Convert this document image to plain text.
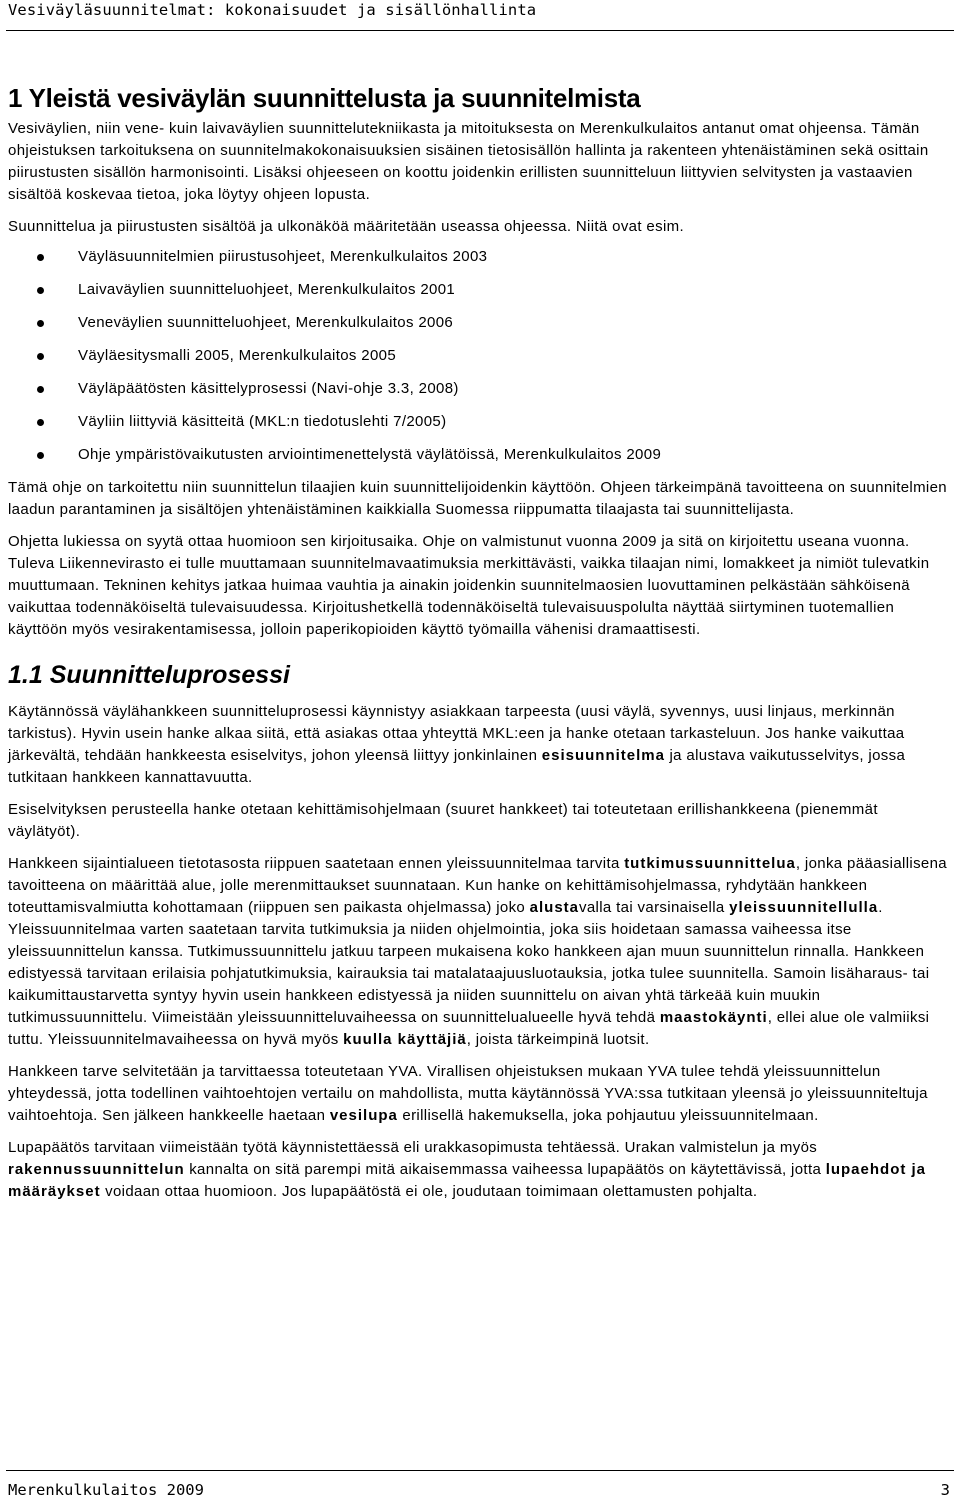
Vesiväyläsuunnitelmat: kokonaisuudet ja sisällönhallinta
1 Yleistä vesiväylän suunnittelusta ja suunnitelmista

Vesiväylien, niin vene- kuin laivaväylien suunnittelutekniikasta ja mitoituksesta on Merenkulkulaitos antanut omat ohjeensa. Tämän ohjeistuksen tarkoituksena on suunnitelmakokonaisuuksien sisäinen tietosisällön hallinta ja rakenteen yhtenäistäminen sekä osittain piirustusten sisällön harmonisointi. Lisäksi ohjeeseen on koottu joidenkin erillisten suunnitteluun liittyvien selvitysten ja vastaavien sisältöä koskevaa tietoa, joka löytyy ohjeen lopusta.

Suunnittelua ja piirustusten sisältöä ja ulkonäköä määritetään useassa ohjeessa. Niitä ovat esim.

Väyläsuunnitelmien piirustusohjeet, Merenkulkulaitos 2003
Laivaväylien suunnitteluohjeet, Merenkulkulaitos 2001
Veneväylien suunnitteluohjeet, Merenkulkulaitos 2006
Väyläesitysmalli 2005, Merenkulkulaitos 2005
Väyläpäätösten käsittelyprosessi (Navi-ohje 3.3, 2008)
Väyliin liittyviä käsitteitä (MKL:n tiedotuslehti 7/2005)
Ohje ympäristövaikutusten arviointimenettelystä väylätöissä, Merenkulkulaitos 2009

Tämä ohje on tarkoitettu niin suunnittelun tilaajien kuin suunnittelijoidenkin käyttöön. Ohjeen tärkeimpänä tavoitteena on suunnitelmien laadun parantaminen ja sisältöjen yhtenäistäminen kaikkialla Suomessa riippumatta tilaajasta tai suunnittelijasta.

Ohjetta lukiessa on syytä ottaa huomioon sen kirjoitusaika. Ohje on valmistunut vuonna 2009 ja sitä on kirjoitettu useana vuonna. Tuleva Liikennevirasto ei tulle muuttamaan suunnitelmavaatimuksia merkittävästi, vaikka tilaajan nimi, lomakkeet ja nimiöt tulevatkin muuttumaan. Tekninen kehitys jatkaa huimaa vauhtia ja ainakin joidenkin suunnitelmaosien luovuttaminen pelkästään sähköisenä vaikuttaa todennäköiseltä tulevaisuudessa. Kirjoitushetkellä todennäköiseltä tulevaisuuspolulta näyttää siirtyminen tuotemallien käyttöön myös vesirakentamisessa, jolloin paperikopioiden käyttö työmailla vähenisi dramaattisesti.

1.1 Suunnitteluprosessi

Käytännössä väylähankkeen suunnitteluprosessi käynnistyy asiakkaan tarpeesta (uusi väylä, syvennys, uusi linjaus, merkinnän tarkistus). Hyvin usein hanke alkaa siitä, että asiakas ottaa yhteyttä MKL:een ja hanke otetaan tarkasteluun. Jos hanke vaikuttaa järkevältä, tehdään hankkeesta esiselvitys, johon yleensä liittyy jonkinlainen esisuunnitelma ja alustava vaikutusselvitys, jossa tutkitaan hankkeen kannattavuutta.

Esiselvityksen perusteella hanke otetaan kehittämisohjelmaan (suuret hankkeet) tai toteutetaan erillishankkeena (pienemmät väylätyöt).

Hankkeen sijaintialueen tietotasosta riippuen saatetaan ennen yleissuunnitelmaa tarvita tutkimussuunnittelua, jonka pääasiallisena tavoitteena on määrittää alue, jolle merenmittaukset suunnataan. Kun hanke on kehittämisohjelmassa, ryhdytään hankkeen toteuttamisvalmiutta kohottamaan (riippuen sen paikasta ohjelmassa) joko alustavalla tai varsinaisella yleissuunnitellulla. Yleissuunnitelmaa varten saatetaan tarvita tutkimuksia ja niiden ohjelmointia, joka siis hoidetaan samassa vaiheessa itse yleissuunnittelun kanssa. Tutkimussuunnittelu jatkuu tarpeen mukaisena koko hankkeen ajan muun suunnittelun rinnalla. Hankkeen edistyessä tarvitaan erilaisia pohjatutkimuksia, kairauksia tai matalataajuusluotauksia, jotka tulee suunnitella. Samoin lisäharaus- tai kaikumittaustarvetta syntyy hyvin usein hankkeen edistyessä ja niiden suunnittelu on aivan yhtä tärkeää kuin muukin tutkimussuunnittelu. Viimeistään yleissuunnitteluvaiheessa on suunnittelualueelle hyvä tehdä maastokäynti, ellei alue ole valmiiksi tuttu. Yleissuunnitelmavaiheessa on hyvä myös kuulla käyttäjiä, joista tärkeimpinä luotsit.

Hankkeen tarve selvitetään ja tarvittaessa toteutetaan YVA. Virallisen ohjeistuksen mukaan YVA tulee tehdä yleissuunnittelun yhteydessä, jotta todellinen vaihtoehtojen vertailu on mahdollista, mutta käytännössä YVA:ssa tutkitaan yleensä jo yleissuunniteltuja vaihtoehtoja. Sen jälkeen hankkeelle haetaan vesilupa erillisellä hakemuksella, joka pohjautuu yleissuunnitelmaan.

Lupapäätös tarvitaan viimeistään työtä käynnistettäessä eli urakkasopimusta tehtäessä. Urakan valmistelun ja myös rakennussuunnittelun kannalta on sitä parempi mitä aikaisemmassa vaiheessa lupapäätös on käytettävissä, jotta lupaehdot ja määräykset voidaan ottaa huomioon. Jos lupapäätöstä ei ole, joudutaan toimimaan olettamusten pohjalta.

Merenkulkulaitos 2009	3
